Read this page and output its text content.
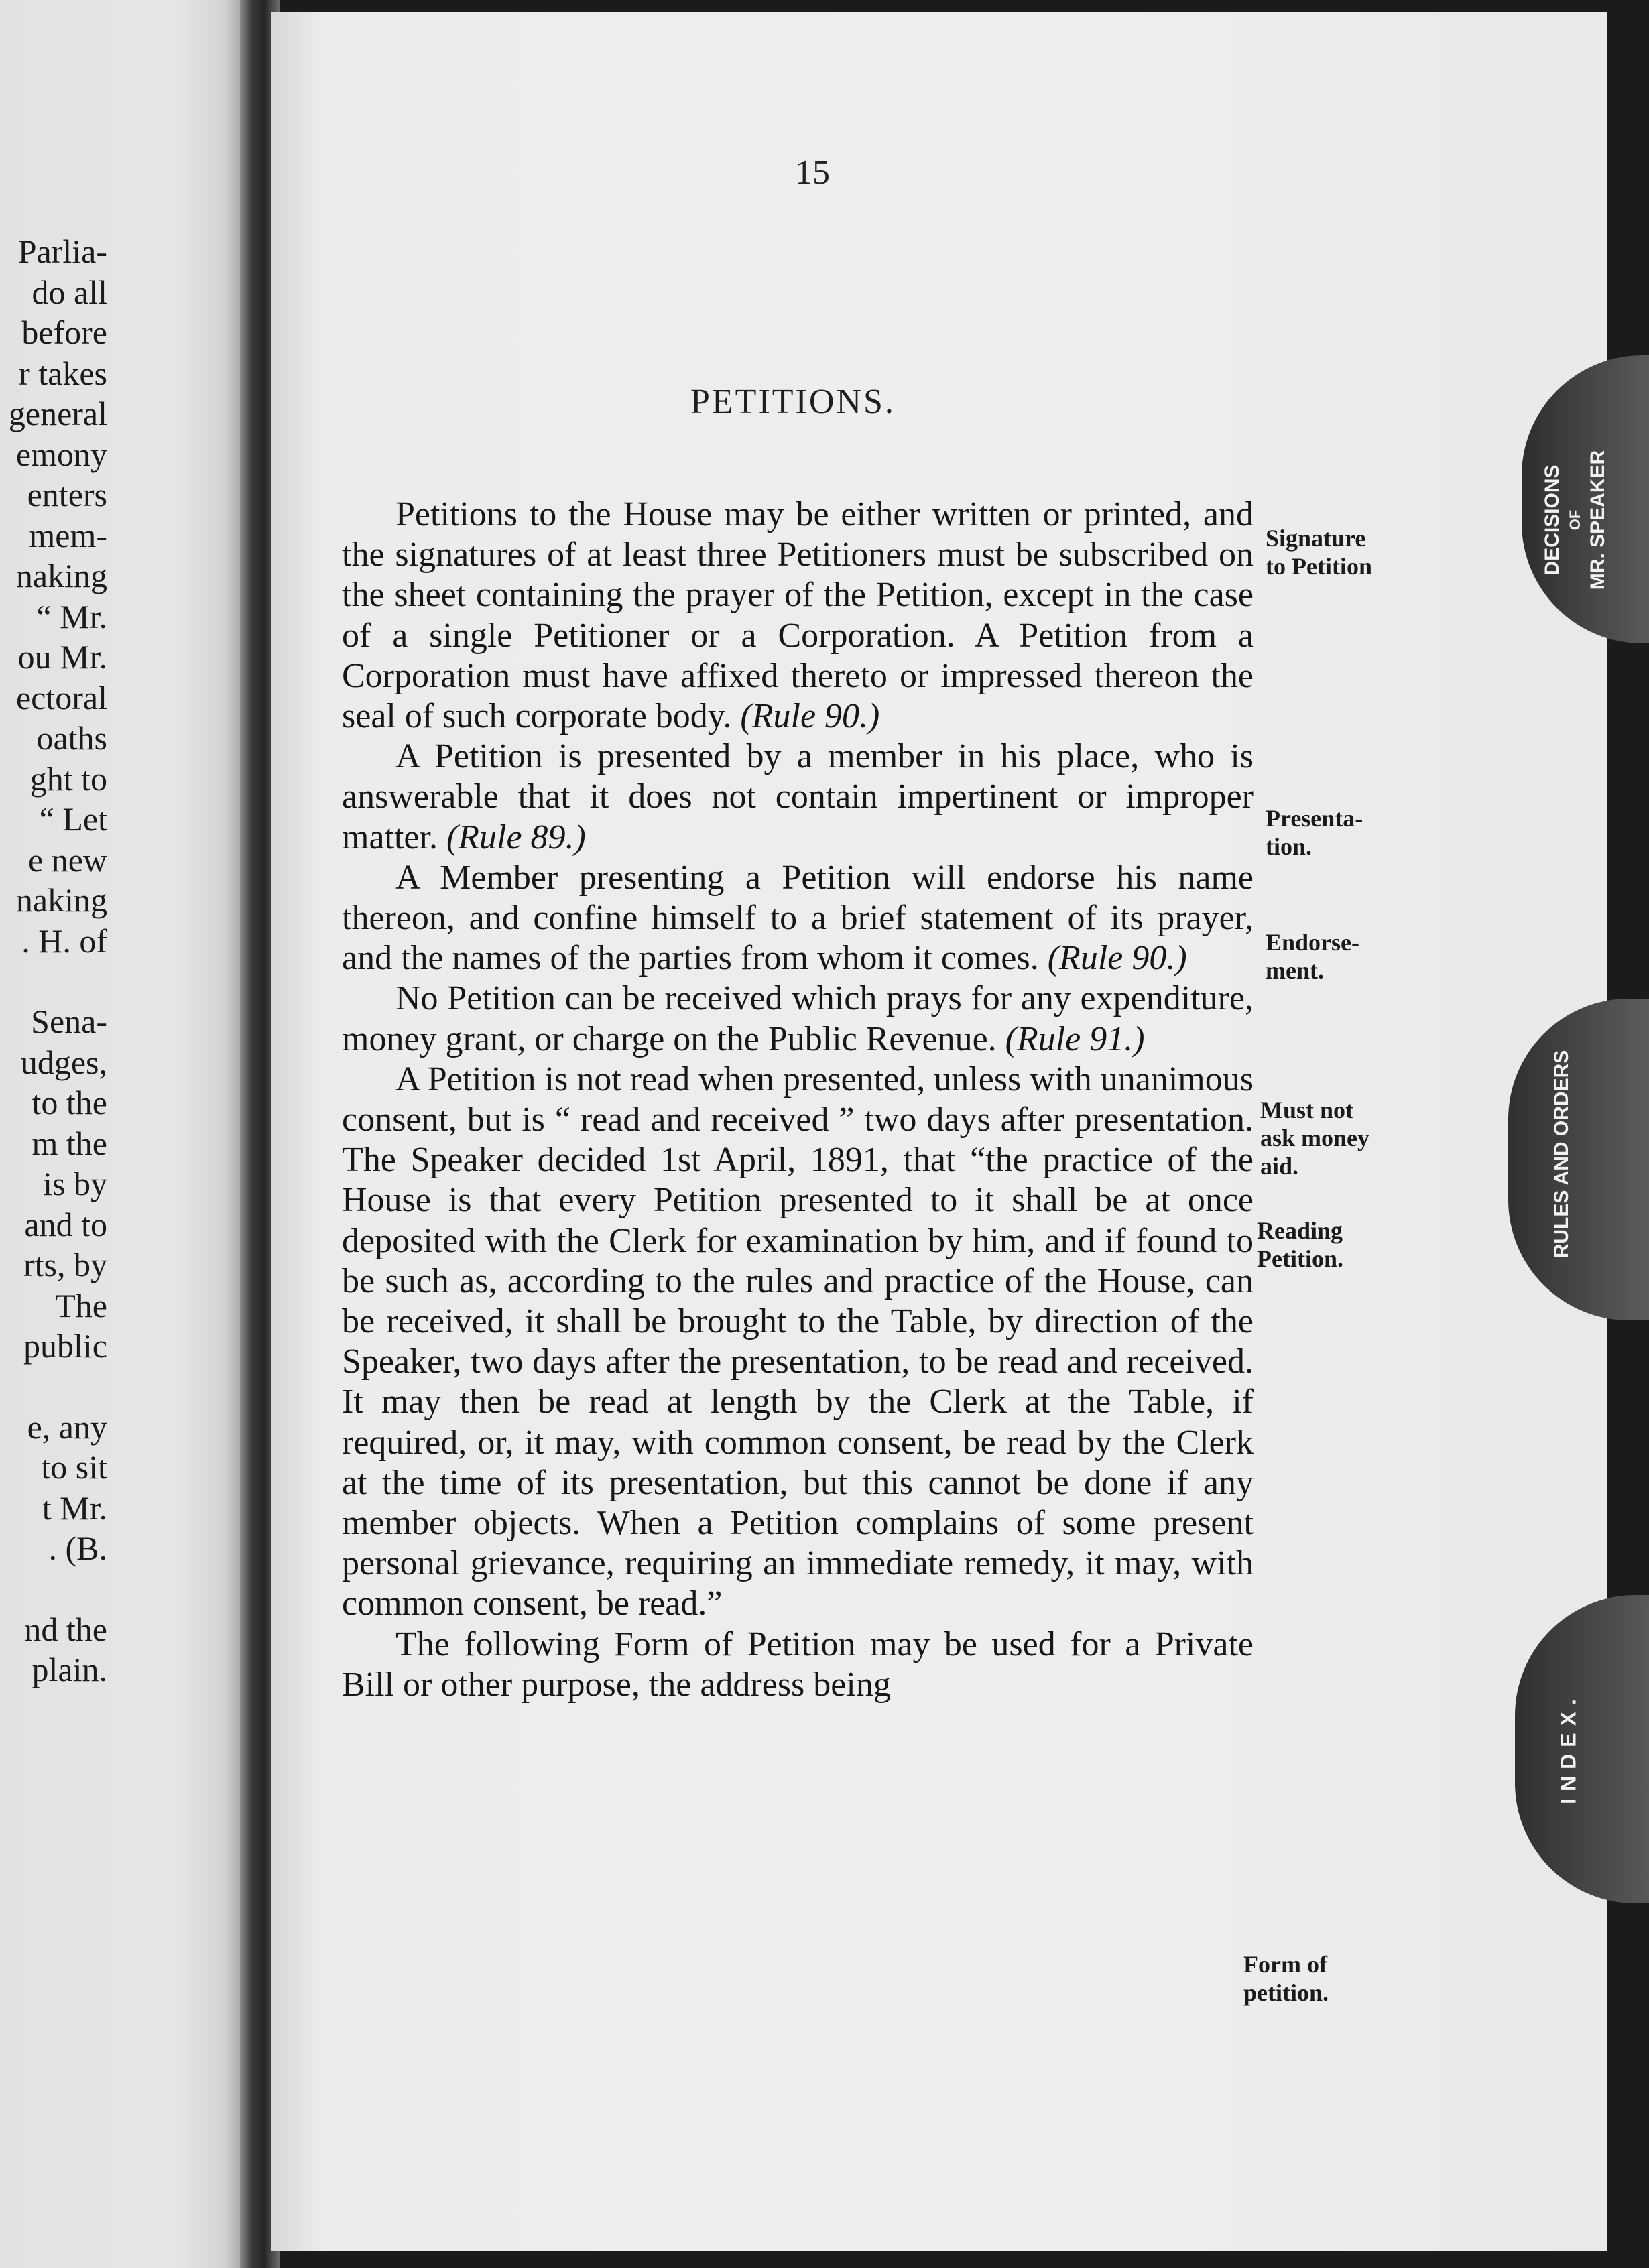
Parlia-
do all
before
r takes
general
emony
enters
mem-
naking
“ Mr.
ou Mr.
ectoral
oaths
ght to
“ Let
e new
naking
. H. of
Sena-
udges,
to the
m the
is by
and to
rts, by
The
public
e, any
to sit
t Mr.
. (B.
nd the
plain.
15
PETITIONS.

Petitions to the House may be either written or printed, and the signatures of at least three Petitioners must be subscribed on the sheet containing the prayer of the Petition, except in the case of a single Petitioner or a Corporation. A Petition from a Corporation must have affixed thereto or impressed thereon the seal of such corporate body. (Rule 90.)

A Petition is presented by a member in his place, who is answerable that it does not contain impertinent or improper matter. (Rule 89.)

A Member presenting a Petition will endorse his name thereon, and confine himself to a brief statement of its prayer, and the names of the parties from whom it comes. (Rule 90.)

No Petition can be received which prays for any expenditure, money grant, or charge on the Public Revenue. (Rule 91.)

A Petition is not read when presented, unless with unanimous consent, but is “ read and received ” two days after presentation. The Speaker decided 1st April, 1891, that “the practice of the House is that every Petition presented to it shall be at once deposited with the Clerk for examination by him, and if found to be such as, according to the rules and practice of the House, can be received, it shall be brought to the Table, by direction of the Speaker, two days after the presentation, to be read and received. It may then be read at length by the Clerk at the Table, if required, or, it may, with common consent, be read by the Clerk at the time of its presentation, but this cannot be done if any member objects. When a Petition complains of some present personal grievance, requiring an immediate remedy, it may, with common consent, be read.”

The following Form of Petition may be used for a Private Bill or other purpose, the address being

Signature
to Petition
Presenta-
tion.
Endorse-
ment.
Must not
ask money
aid.
Reading
Petition.
Form of
petition.
DECISIONS OF MR. SPEAKER
RULES AND ORDERS
INDEX.
